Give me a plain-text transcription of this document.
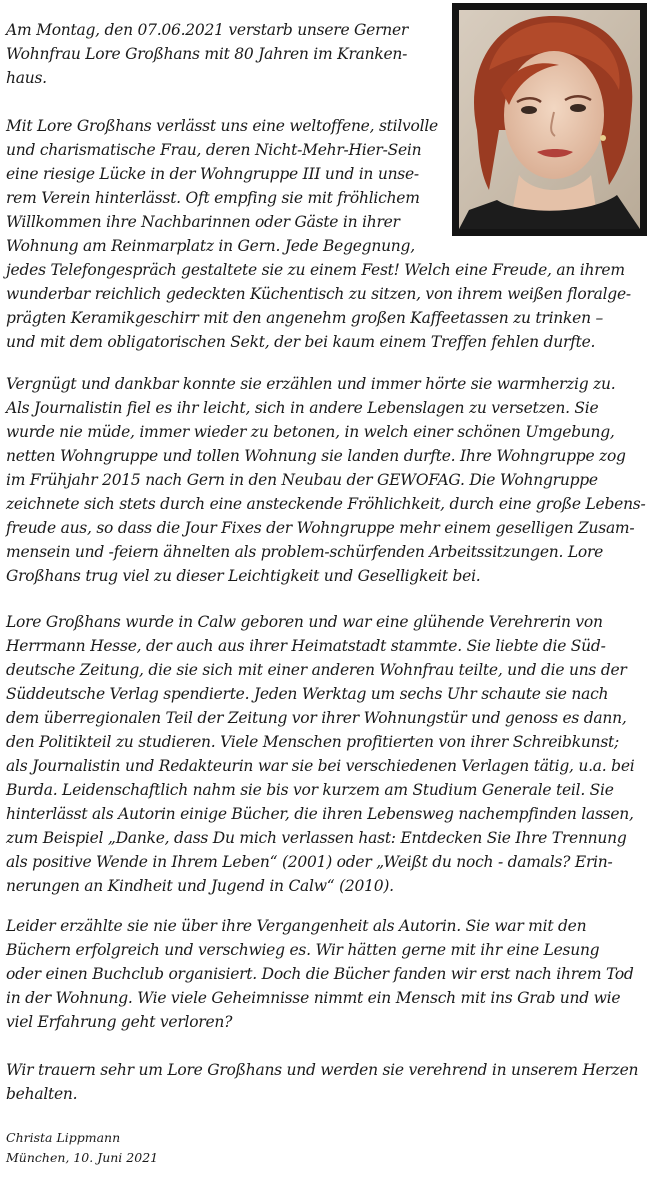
Am Montag, den 07.06.2021 verstarb unsere Gerner
Wohnfrau Lore Großhans mit 80 Jahren im Kranken-
haus.
Mit Lore Großhans verlässt uns eine weltoffene, stilvolle
und charismatische Frau, deren Nicht-Mehr-Hier-Sein
eine riesige Lücke in der Wohngruppe III und in unse-
rem Verein hinterlässt. Oft empfing sie mit fröhlichem
Willkommen ihre Nachbarinnen oder Gäste in ihrer
Wohnung am Reinmarplatz in Gern. Jede Begegnung,
jedes Telefongespräch gestaltete sie zu einem Fest! Welch eine Freude, an ihrem
wunderbar reichlich gedeckten Küchentisch zu sitzen, von ihrem weißen floralge-
prägten Keramikgeschirr mit den angenehm großen Kaffeetassen zu trinken –
und mit dem obligatorischen Sekt, der bei kaum einem Treffen fehlen durfte.
Vergnügt und dankbar konnte sie erzählen und immer hörte sie warmherzig zu.
Als Journalistin fiel es ihr leicht, sich in andere Lebenslagen zu versetzen. Sie
wurde nie müde, immer wieder zu betonen, in welch einer schönen Umgebung,
netten Wohngruppe und tollen Wohnung sie landen durfte. Ihre Wohngruppe zog
im Frühjahr 2015 nach Gern in den Neubau der GEWOFAG. Die Wohngruppe
zeichnete sich stets durch eine ansteckende Fröhlichkeit, durch eine große Lebens-
freude aus, so dass die Jour Fixes der Wohngruppe mehr einem geselligen Zusam-
mensein und -feiern ähnelten als problem-schürfenden Arbeitssitzungen. Lore
Großhans trug viel zu dieser Leichtigkeit und Geselligkeit bei.
Lore Großhans wurde in Calw geboren und war eine glühende Verehrerin von
Herrmann Hesse, der auch aus ihrer Heimatstadt stammte. Sie liebte die Süd-
deutsche Zeitung, die sie sich mit einer anderen Wohnfrau teilte, und die uns der
Süddeutsche Verlag spendierte. Jeden Werktag um sechs Uhr schaute sie nach
dem überregionalen Teil der Zeitung vor ihrer Wohnungstür und genoss es dann,
den Politikteil zu studieren. Viele Menschen profitierten von ihrer Schreibkunst;
als Journalistin und Redakteurin war sie bei verschiedenen Verlagen tätig, u.a. bei
Burda. Leidenschaftlich nahm sie bis vor kurzem am Studium Generale teil. Sie
hinterlässt als Autorin einige Bücher, die ihren Lebensweg nachempfinden lassen,
zum Beispiel „Danke, dass Du mich verlassen hast: Entdecken Sie Ihre Trennung
als positive Wende in Ihrem Leben“ (2001) oder „Weißt du noch - damals? Erin-
nerungen an Kindheit und Jugend in Calw“ (2010).
Leider erzählte sie nie über ihre Vergangenheit als Autorin. Sie war mit den
Büchern erfolgreich und verschwieg es. Wir hätten gerne mit ihr eine Lesung
oder einen Buchclub organisiert. Doch die Bücher fanden wir erst nach ihrem Tod
in der Wohnung. Wie viele Geheimnisse nimmt ein Mensch mit ins Grab und wie
viel Erfahrung geht verloren?
Wir trauern sehr um Lore Großhans und werden sie verehrend in unserem Herzen
behalten.
Christa Lippmann
München, 10. Juni 2021
